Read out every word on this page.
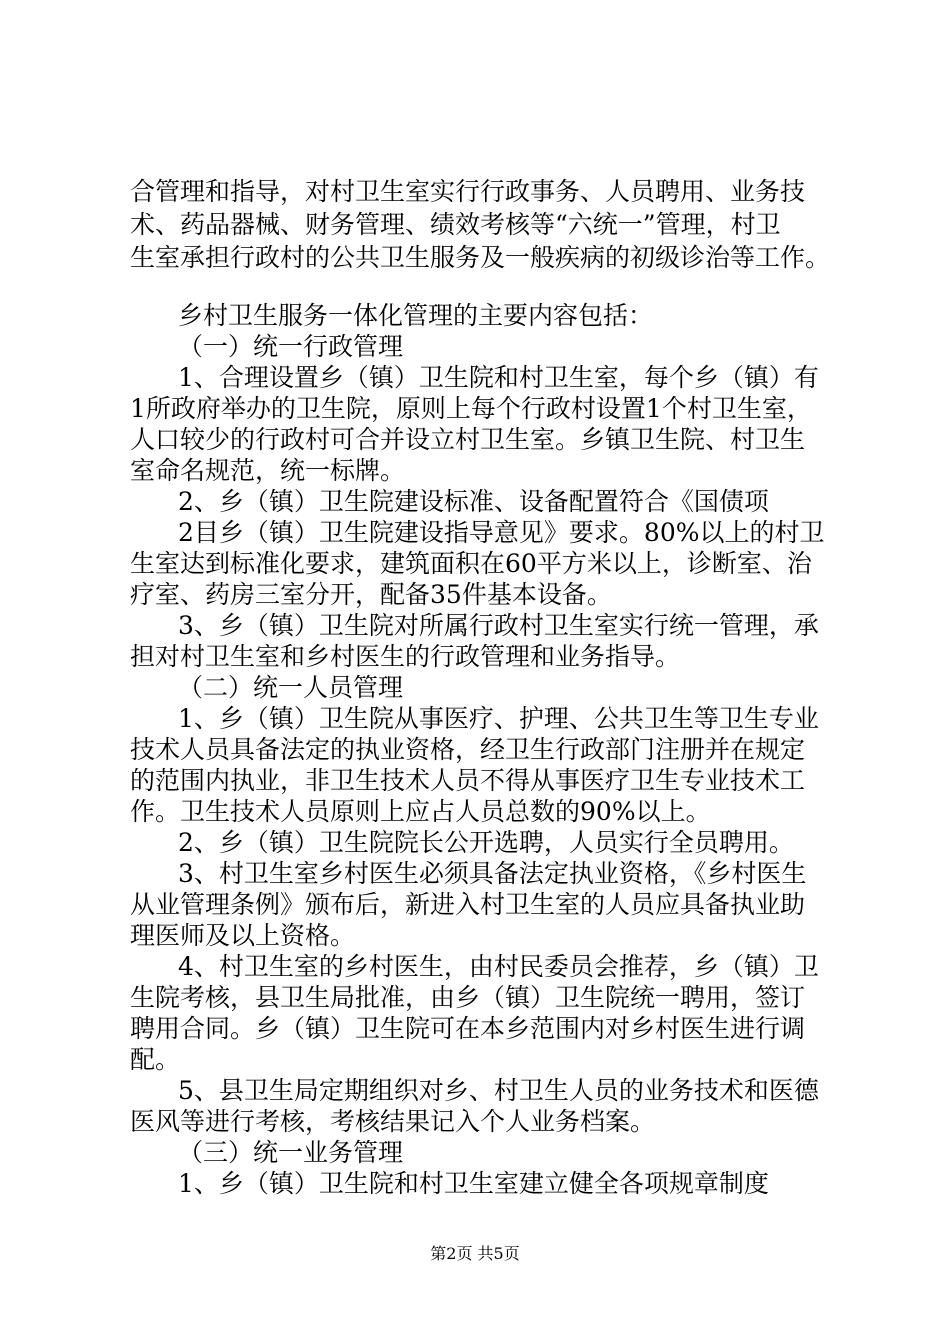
合管理和指导，对村卫生室实行行政事务、人员聘用、业务技
术、药品器械、财务管理、绩效考核等“六统一”管理，村卫
生室承担行政村的公共卫生服务及一般疾病的初级诊治等工作。
乡村卫生服务一体化管理的主要内容包括：
（一）统一行政管理
1、合理设置乡（镇）卫生院和村卫生室，每个乡（镇）有
1所政府举办的卫生院，原则上每个行政村设置1个村卫生室，
人口较少的行政村可合并设立村卫生室。乡镇卫生院、村卫生
室命名规范，统一标牌。
2、乡（镇）卫生院建设标准、设备配置符合《国债项
2目乡（镇）卫生院建设指导意见》要求。80%以上的村卫
生室达到标准化要求，建筑面积在60平方米以上，诊断室、治
疗室、药房三室分开，配备35件基本设备。
3、乡（镇）卫生院对所属行政村卫生室实行统一管理，承
担对村卫生室和乡村医生的行政管理和业务指导。
（二）统一人员管理
1、乡（镇）卫生院从事医疗、护理、公共卫生等卫生专业
技术人员具备法定的执业资格，经卫生行政部门注册并在规定
的范围内执业，非卫生技术人员不得从事医疗卫生专业技术工
作。卫生技术人员原则上应占人员总数的90%以上。
2、乡（镇）卫生院院长公开选聘，人员实行全员聘用。
3、村卫生室乡村医生必须具备法定执业资格，《乡村医生
从业管理条例》颁布后，新进入村卫生室的人员应具备执业助
理医师及以上资格。
4、村卫生室的乡村医生，由村民委员会推荐，乡（镇）卫
生院考核，县卫生局批准，由乡（镇）卫生院统一聘用，签订
聘用合同。乡（镇）卫生院可在本乡范围内对乡村医生进行调
配。
5、县卫生局定期组织对乡、村卫生人员的业务技术和医德
医风等进行考核，考核结果记入个人业务档案。
（三）统一业务管理
1、乡（镇）卫生院和村卫生室建立健全各项规章制度
第2页 共5页
